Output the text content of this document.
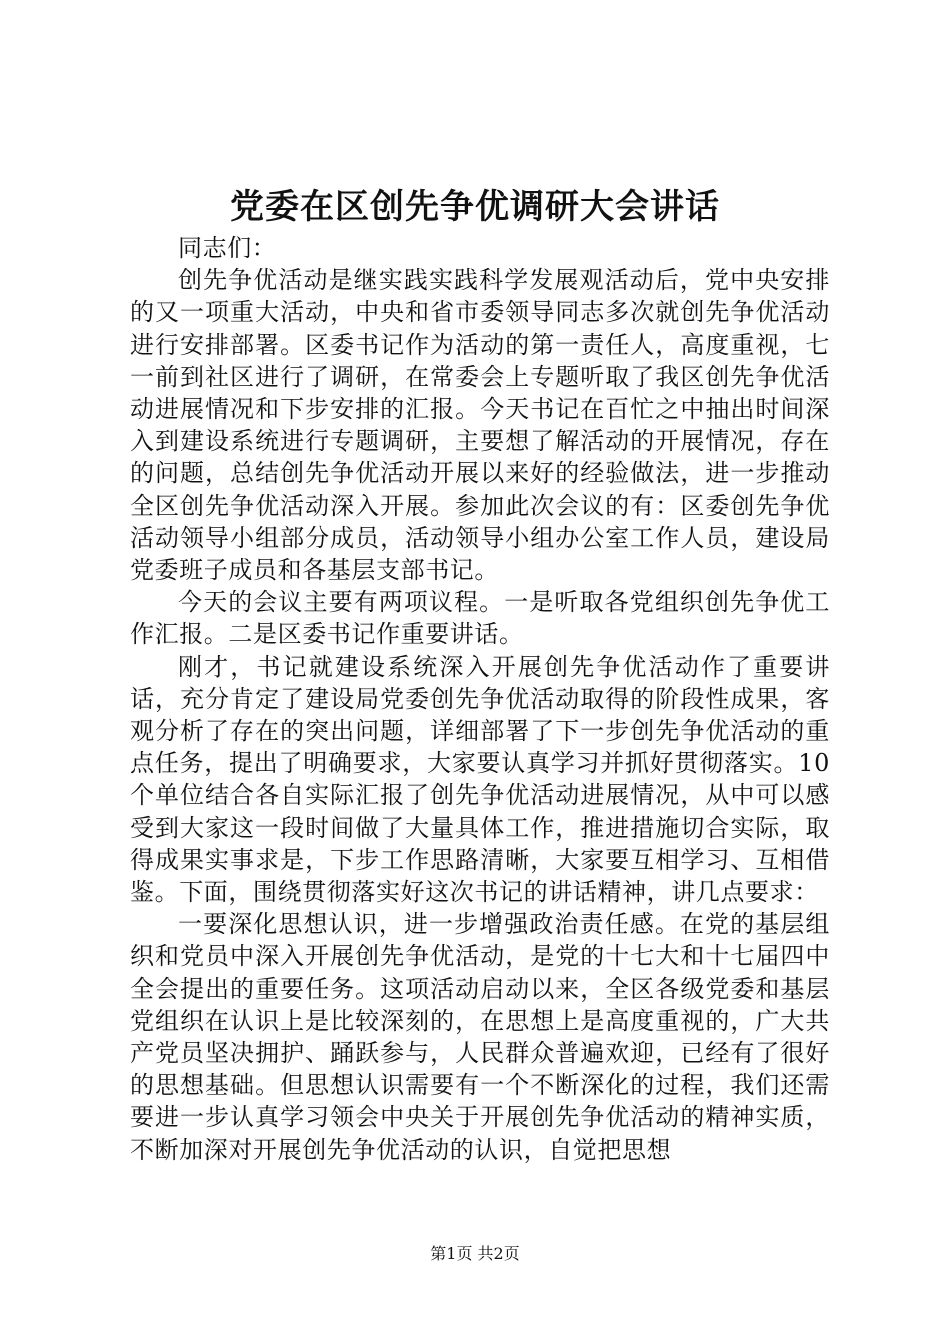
党委在区创先争优调研大会讲话

同志们：

创先争优活动是继实践实践科学发展观活动后，党中央安排的又一项重大活动，中央和省市委领导同志多次就创先争优活动进行安排部署。区委书记作为活动的第一责任人，高度重视，七一前到社区进行了调研，在常委会上专题听取了我区创先争优活动进展情况和下步安排的汇报。今天书记在百忙之中抽出时间深入到建设系统进行专题调研，主要想了解活动的开展情况，存在的问题，总结创先争优活动开展以来好的经验做法，进一步推动全区创先争优活动深入开展。参加此次会议的有：区委创先争优活动领导小组部分成员，活动领导小组办公室工作人员，建设局党委班子成员和各基层支部书记。

今天的会议主要有两项议程。一是听取各党组织创先争优工作汇报。二是区委书记作重要讲话。

刚才，书记就建设系统深入开展创先争优活动作了重要讲话，充分肯定了建设局党委创先争优活动取得的阶段性成果，客观分析了存在的突出问题，详细部署了下一步创先争优活动的重点任务，提出了明确要求，大家要认真学习并抓好贯彻落实。10个单位结合各自实际汇报了创先争优活动进展情况，从中可以感受到大家这一段时间做了大量具体工作，推进措施切合实际，取得成果实事求是，下步工作思路清晰，大家要互相学习、互相借鉴。下面，围绕贯彻落实好这次书记的讲话精神，讲几点要求：

一要深化思想认识，进一步增强政治责任感。在党的基层组织和党员中深入开展创先争优活动，是党的十七大和十七届四中全会提出的重要任务。这项活动启动以来，全区各级党委和基层党组织在认识上是比较深刻的，在思想上是高度重视的，广大共产党员坚决拥护、踊跃参与，人民群众普遍欢迎，已经有了很好的思想基础。但思想认识需要有一个不断深化的过程，我们还需要进一步认真学习领会中央关于开展创先争优活动的精神实质，不断加深对开展创先争优活动的认识，自觉把思想

第1页 共2页
